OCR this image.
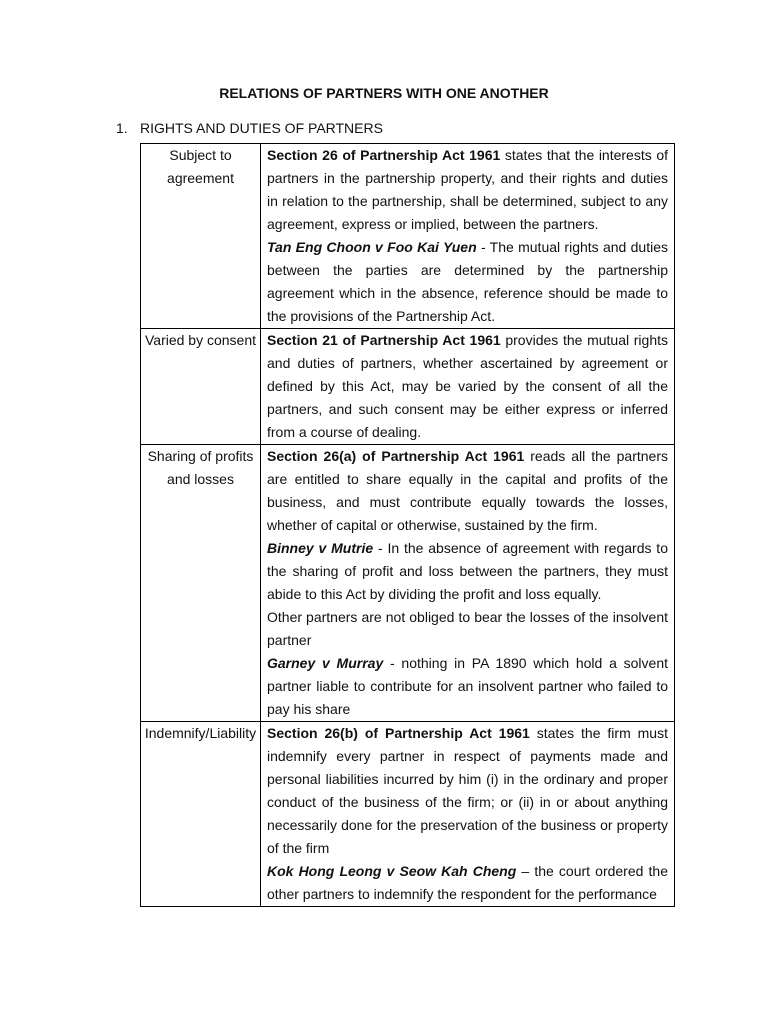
RELATIONS OF PARTNERS WITH ONE ANOTHER
1. RIGHTS AND DUTIES OF PARTNERS
Subject to agreement	Section 26 of Partnership Act 1961 states that the interests of partners in the partnership property, and their rights and duties in relation to the partnership, shall be determined, subject to any agreement, express or implied, between the partners.

Tan Eng Choon v Foo Kai Yuen - The mutual rights and duties between the parties are determined by the partnership agreement which in the absence, reference should be made to the provisions of the Partnership Act.

Varied by consent	Section 21 of Partnership Act 1961 provides the mutual rights and duties of partners, whether ascertained by agreement or defined by this Act, may be varied by the consent of all the partners, and such consent may be either express or inferred from a course of dealing.

Sharing of profits and losses	Section 26(a) of Partnership Act 1961 reads all the partners are entitled to share equally in the capital and profits of the business, and must contribute equally towards the losses, whether of capital or otherwise, sustained by the firm.

Binney v Mutrie - In the absence of agreement with regards to the sharing of profit and loss between the partners, they must abide to this Act by dividing the profit and loss equally.

Other partners are not obliged to bear the losses of the insolvent partner

Garney v Murray - nothing in PA 1890 which hold a solvent partner liable to contribute for an insolvent partner who failed to pay his share

Indemnify/Liability	Section 26(b) of Partnership Act 1961 states the firm must indemnify every partner in respect of payments made and personal liabilities incurred by him (i) in the ordinary and proper conduct of the business of the firm; or (ii) in or about anything necessarily done for the preservation of the business or property of the firm

Kok Hong Leong v Seow Kah Cheng – the court ordered the other partners to indemnify the respondent for the performance
